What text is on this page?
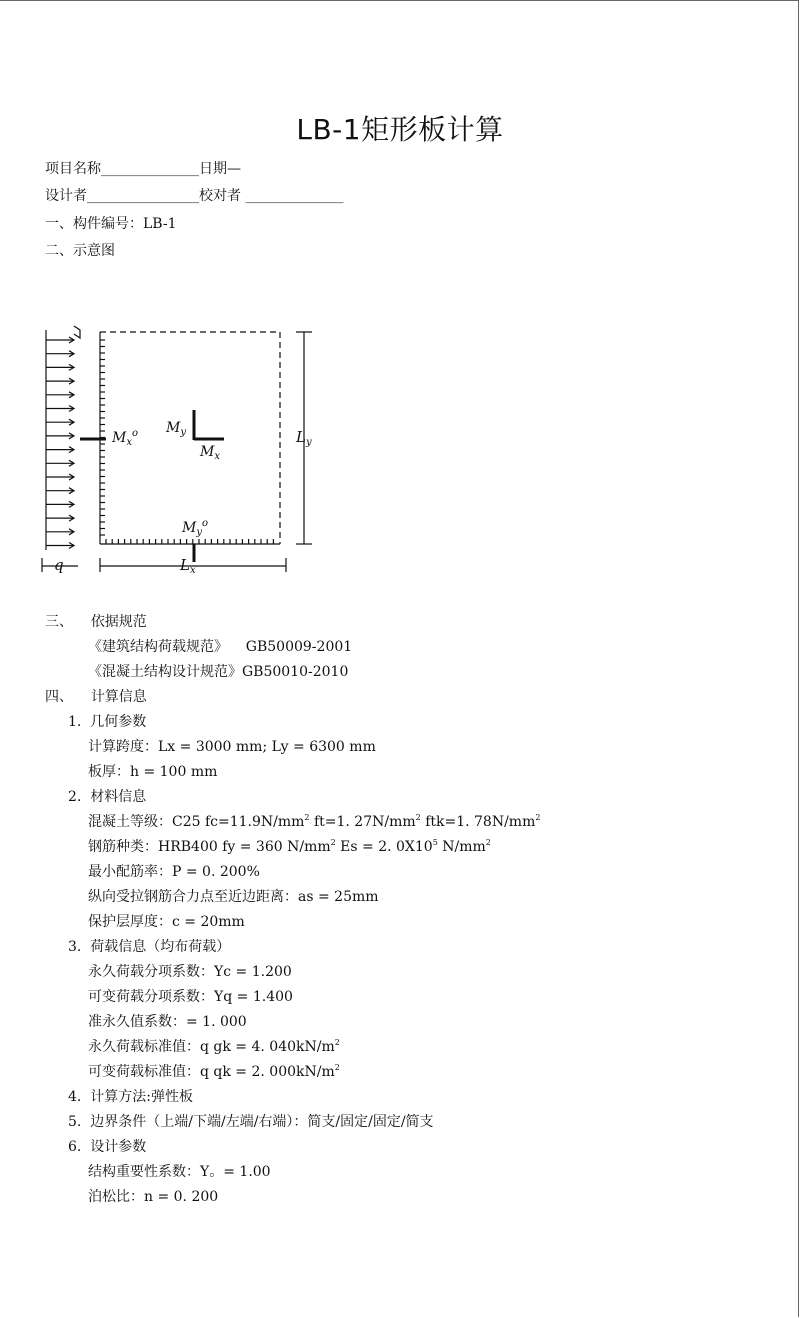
LB-1矩形板计算
项目名称______________日期—
设计者________________校对者 ______________
一、构件编号：LB-1
二、示意图
$M_x^o$ $M_y$
$M_x$
$M_y^o$
$L_y$
$L_x$
q
三、 依据规范
《建筑结构荷载规范》    GB50009-2001
《混凝土结构设计规范》GB50010-2010
四、 计算信息
1.  几何参数
计算跨度：Lx = 3000 mm; Ly = 6300 mm
板厚：h = 100 mm
2.  材料信息
混凝土等级：C25 $fc=11.9N/mm^2$ ft=1. $27N/mm^2$ ftk=1. $78N/mm^2$
钢筋种类：HRB400 fy = 360 $N/mm^2$ Es = 2. $0X10^5$ $N/mm^2$
最小配筋率：P = 0. 200%
纵向受拉钢筋合力点至近边距离：as = 25mm
保护层厚度：c = 20mm
3.  荷载信息（均布荷载）
永久荷载分项系数：Yc = 1.200
可变荷载分项系数：Yq = 1.400
准永久值系数：= 1. 000
永久荷载标准值：q gk = 4. $040kN/m^2$
可变荷载标准值：q qk = 2. $000kN/m^2$
4.  计算方法:弹性板
5.  边界条件（上端/下端/左端/右端）：简支/固定/固定/简支
6.  设计参数
结构重要性系数：Y。= 1.00
泊松比：n = 0. 200
